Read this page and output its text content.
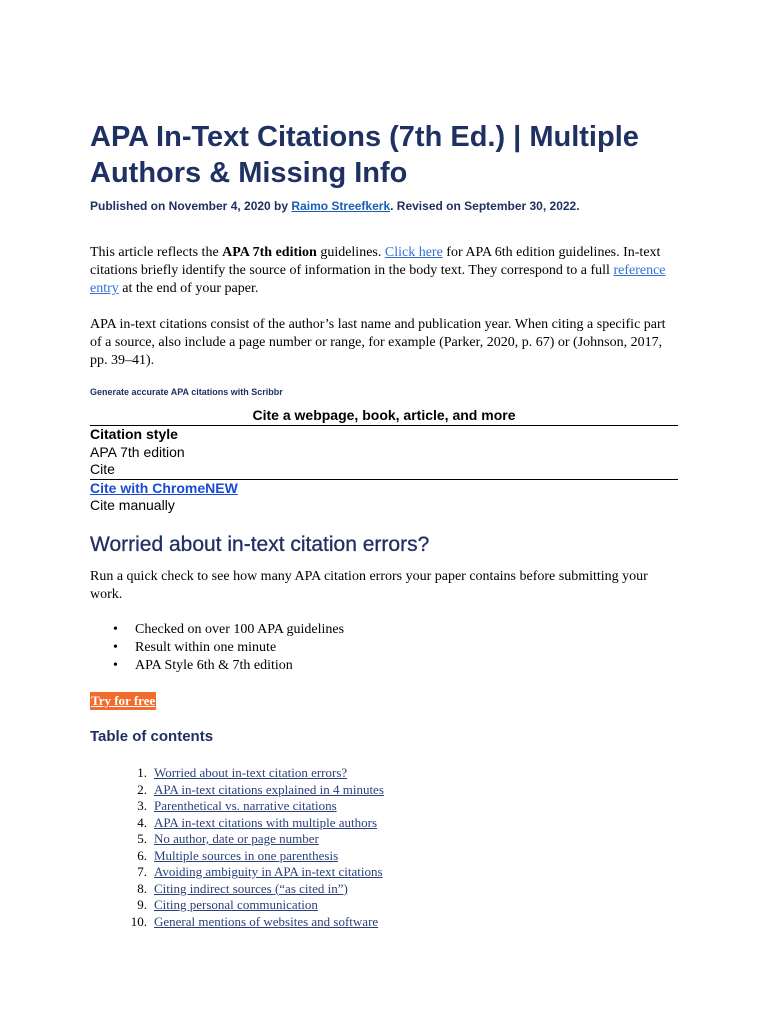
APA In-Text Citations (7th Ed.) | Multiple Authors & Missing Info

Published on November 4, 2020 by Raimo Streefkerk. Revised on September 30, 2022.

This article reflects the APA 7th edition guidelines. Click here for APA 6th edition guidelines. In-text citations briefly identify the source of information in the body text. They correspond to a full reference entry at the end of your paper.

APA in-text citations consist of the author’s last name and publication year. When citing a specific part of a source, also include a page number or range, for example (Parker, 2020, p. 67) or (Johnson, 2017, pp. 39–41).

Generate accurate APA citations with Scribbr

Cite a webpage, book, article, and more
Citation style
APA 7th edition
Cite
Cite with ChromeNEW
Cite manually
Worried about in-text citation errors?

Run a quick check to see how many APA citation errors your paper contains before submitting your work.

• Checked on over 100 APA guidelines
• Result within one minute
• APA Style 6th & 7th edition
Try for free
Table of contents
1. Worried about in-text citation errors?
2. APA in-text citations explained in 4 minutes
3. Parenthetical vs. narrative citations
4. APA in-text citations with multiple authors
5. No author, date or page number
6. Multiple sources in one parenthesis
7. Avoiding ambiguity in APA in-text citations
8. Citing indirect sources (“as cited in”)
9. Citing personal communication
10. General mentions of websites and software
